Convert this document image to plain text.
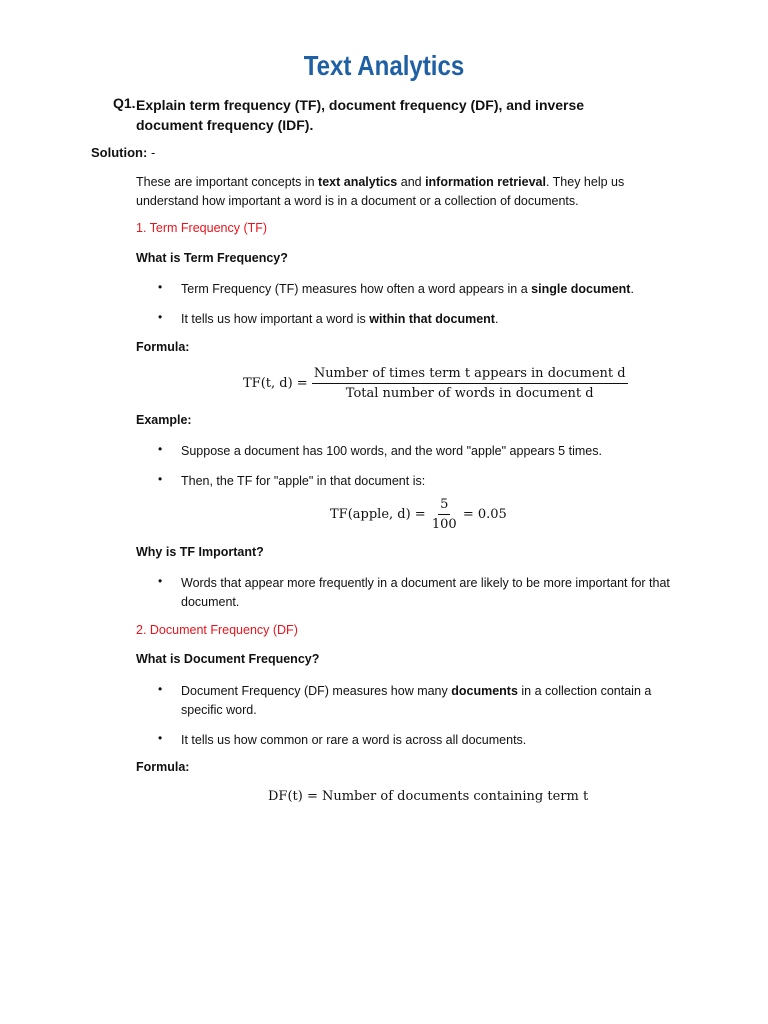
Text Analytics
Q1. Explain term frequency (TF), document frequency (DF), and inverse document frequency (IDF).
Solution: -
These are important concepts in text analytics and information retrieval. They help us understand how important a word is in a document or a collection of documents.
1. Term Frequency (TF)
What is Term Frequency?
• Term Frequency (TF) measures how often a word appears in a single document.
• It tells us how important a word is within that document.
Formula:
TF(t, $d) = \frac{\text{Number of times term t appears in document d}}{\text{Total number of words in document d}}$
Example:
• Suppose a document has 100 words, and the word "apple" appears 5 times.
• Then, the TF for "apple" in that document is:
TF(apple, $d) = \frac{5}{100} = 0.05$
Why is TF Important?
• Words that appear more frequently in a document are likely to be more important for that document.
2. Document Frequency (DF)
What is Document Frequency?
• Document Frequency (DF) measures how many documents in a collection contain a specific word.
• It tells us how common or rare a word is across all documents.
Formula:
DF(t) = Number of documents containing term t
